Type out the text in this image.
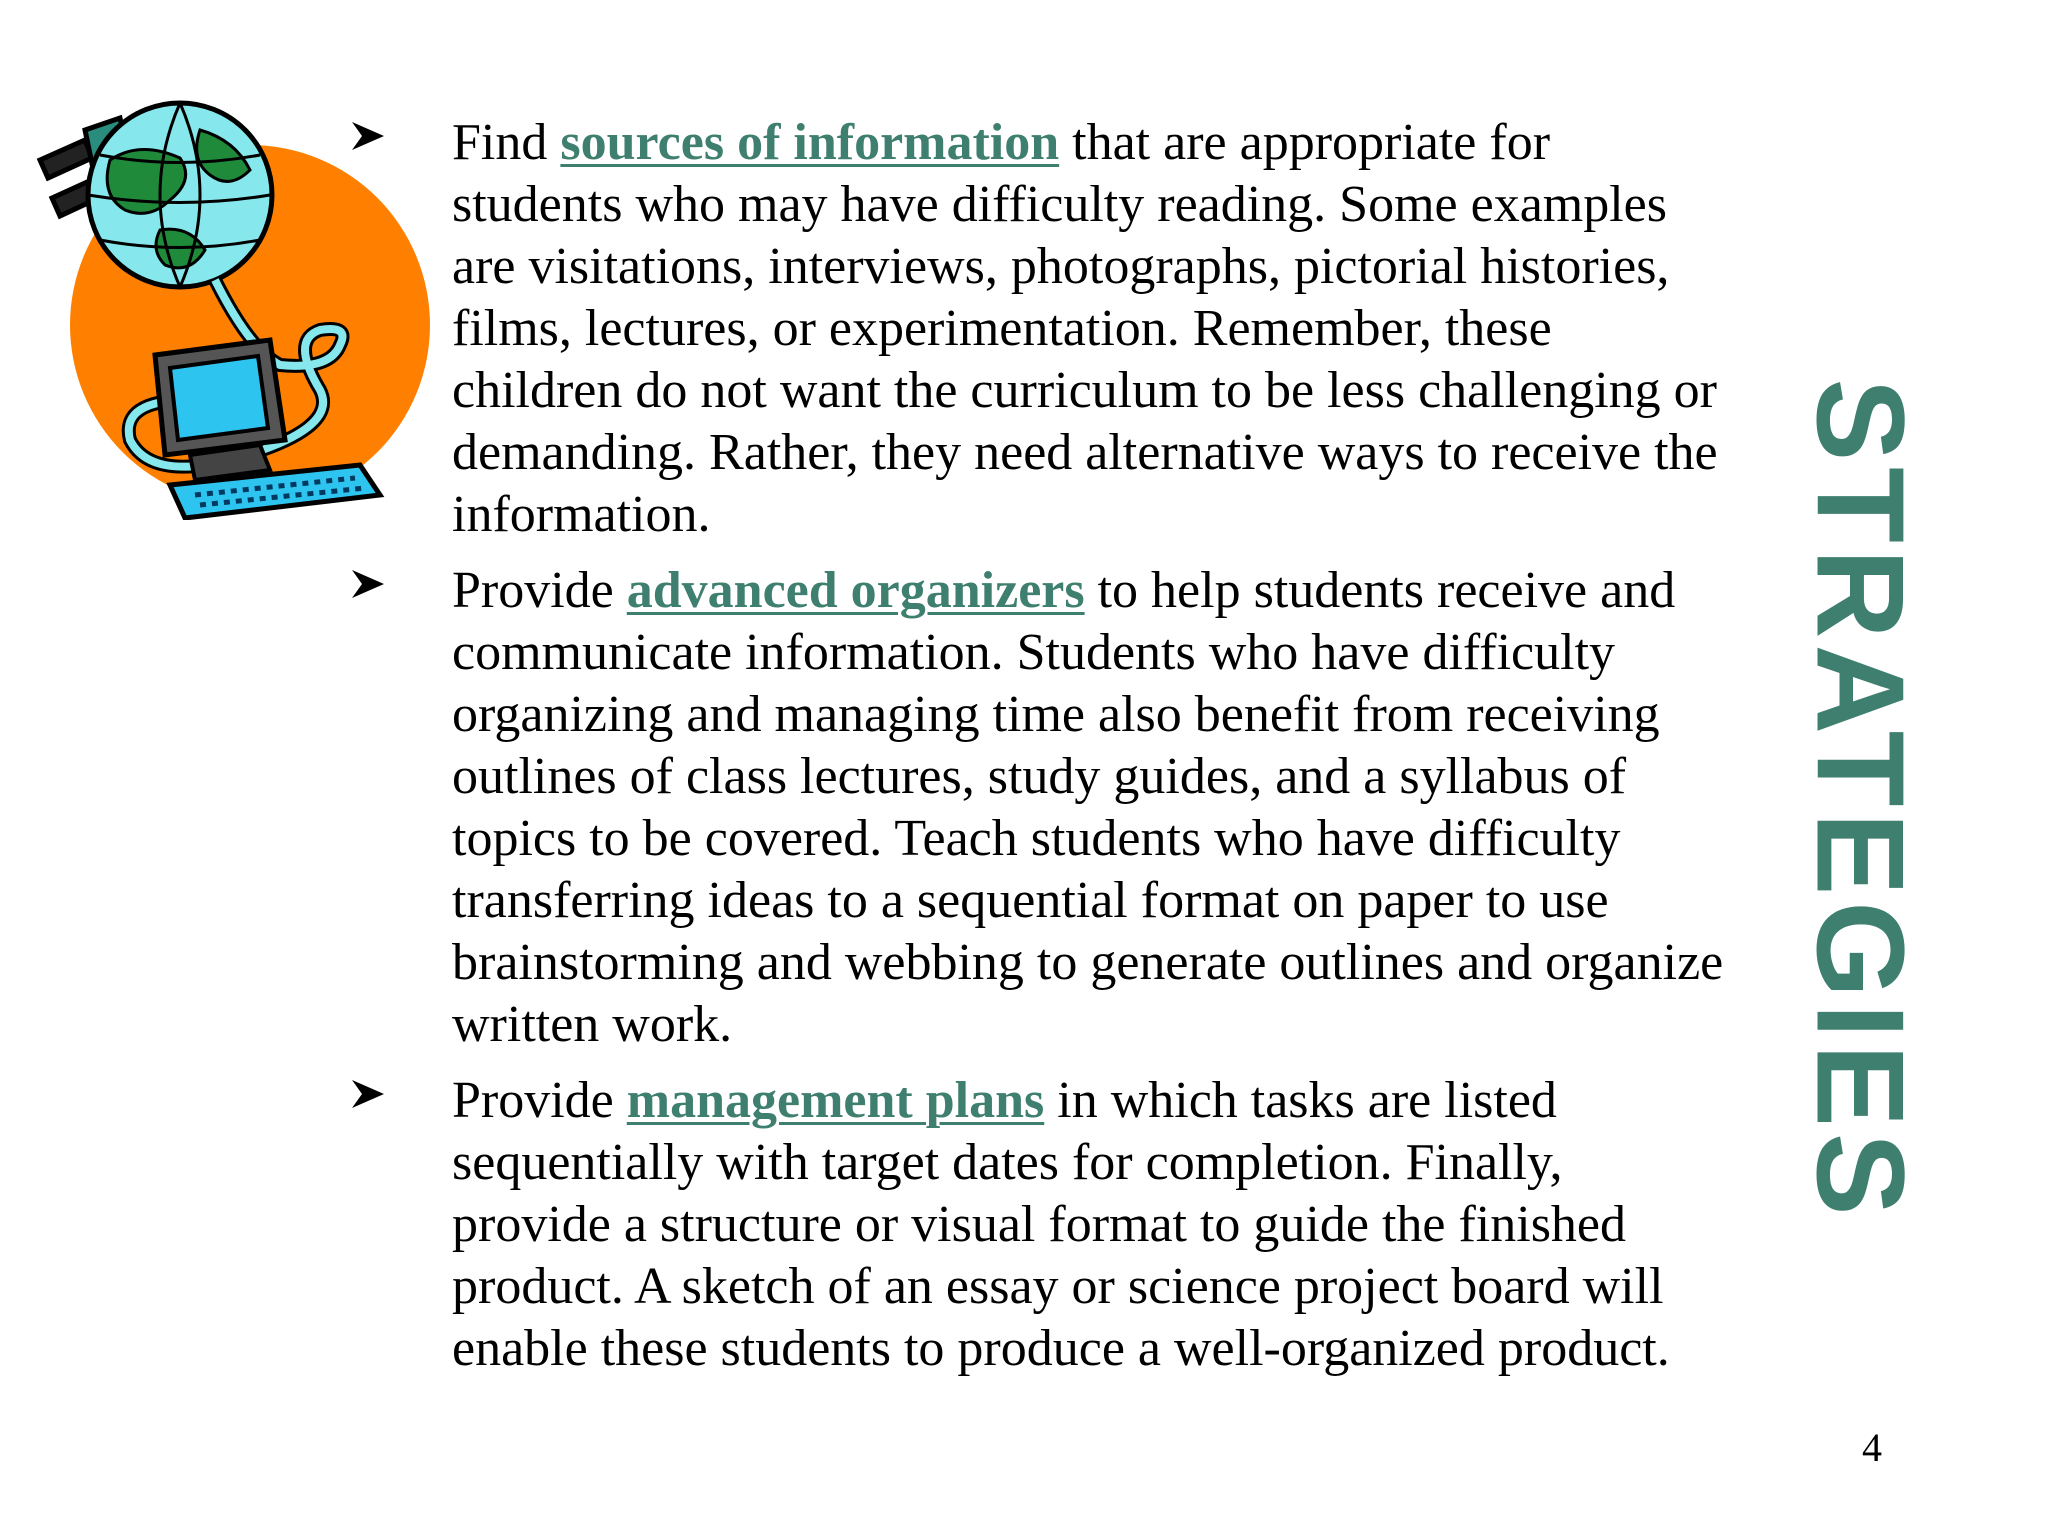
Find sources of information that are appropriate for students who may have difficulty reading. Some examples are visitations, interviews, photographs, pictorial histories, films, lectures, or experimentation. Remember, these children do not want the curriculum to be less challenging or demanding. Rather, they need alternative ways to receive the information.
Provide advanced organizers to help students receive and communicate information. Students who have difficulty organizing and managing time also benefit from receiving outlines of class lectures, study guides, and a syllabus of topics to be covered. Teach students who have difficulty transferring ideas to a sequential format on paper to use brainstorming and webbing to generate outlines and organize written work.
Provide management plans in which tasks are listed sequentially with target dates for completion. Finally, provide a structure or visual format to guide the finished product. A sketch of an essay or science project board will enable these students to produce a well-organized product.
STRATEGIES
4
